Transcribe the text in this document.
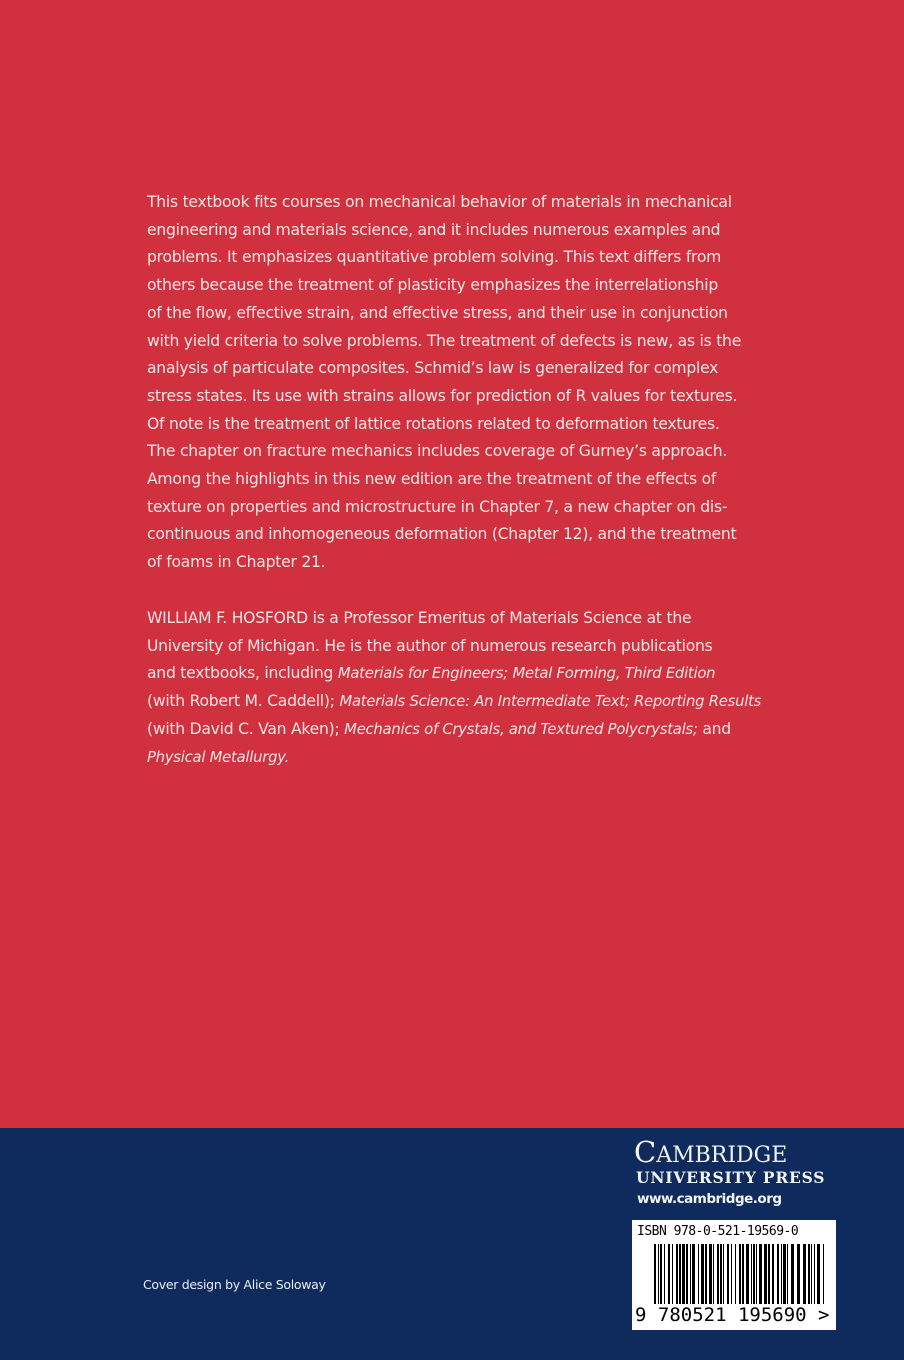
This textbook fits courses on mechanical behavior of materials in mechanical
engineering and materials science, and it includes numerous examples and
problems. It emphasizes quantitative problem solving. This text differs from
others because the treatment of plasticity emphasizes the interrelationship
of the flow, effective strain, and effective stress, and their use in conjunction
with yield criteria to solve problems. The treatment of defects is new, as is the
analysis of particulate composites. Schmid’s law is generalized for complex
stress states. Its use with strains allows for prediction of R values for textures.
Of note is the treatment of lattice rotations related to deformation textures.
The chapter on fracture mechanics includes coverage of Gurney’s approach.
Among the highlights in this new edition are the treatment of the effects of
texture on properties and microstructure in Chapter 7, a new chapter on dis-
continuous and inhomogeneous deformation (Chapter 12), and the treatment
of foams in Chapter 21.
WILLIAM F. HOSFORD is a Professor Emeritus of Materials Science at the
University of Michigan. He is the author of numerous research publications
and textbooks, including Materials for Engineers; Metal Forming, Third Edition
(with Robert M. Caddell); Materials Science: An Intermediate Text; Reporting Results
(with David C. Van Aken); Mechanics of Crystals, and Textured Polycrystals; and
Physical Metallurgy.
Cover design by Alice Soloway
CAMBRIDGE
UNIVERSITY PRESS
www.cambridge.org
ISBN 978-0-521-19569-0
9 780521 195690 >
